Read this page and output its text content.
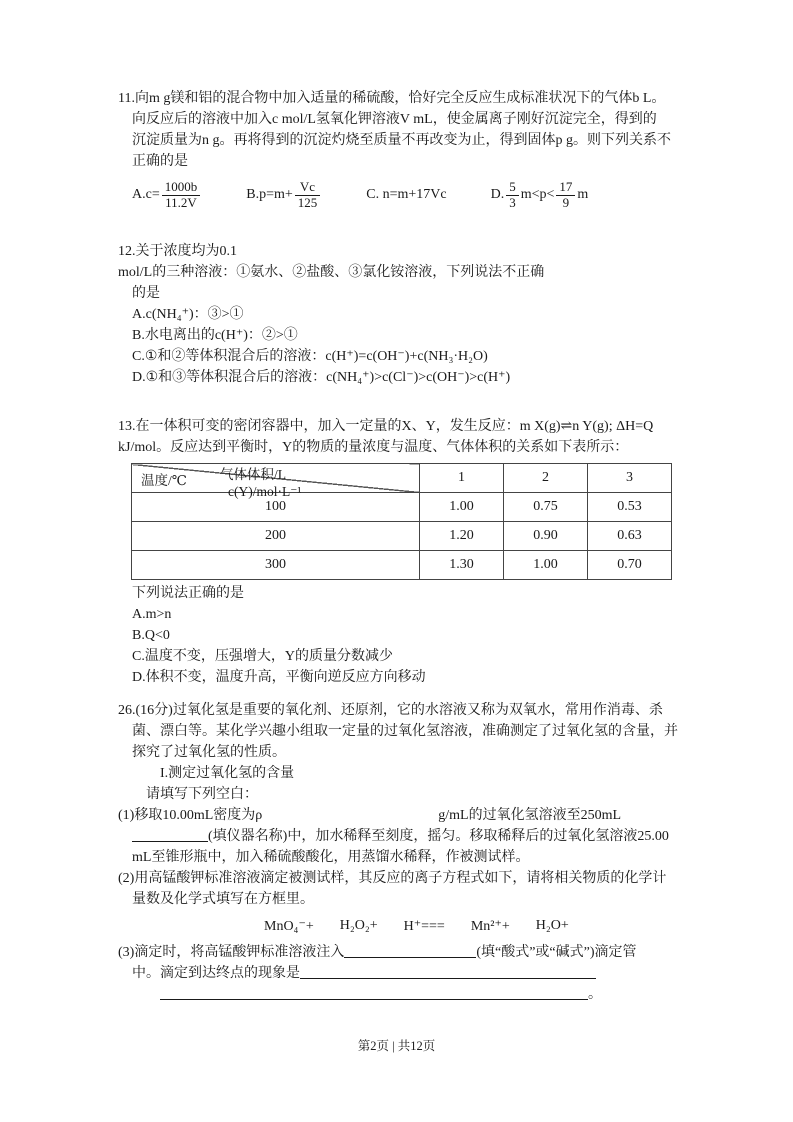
11.向m g镁和铝的混合物中加入适量的稀硫酸，恰好完全反应生成标准状况下的气体b L。
向反应后的溶液中加入c mol/L氢氧化钾溶液V mL，使金属离子刚好沉淀完全，得到的
沉淀质量为n g。再将得到的沉淀灼烧至质量不再改变为止，得到固体p g。则下列关系不
正确的是
$A.c= \frac{1000b}{11.2V}$	$B.p=m+ \frac{Vc}{125}$	C. n=m+17Vc	D. $\frac{5}{3} m<p< \frac{17}{9}$ m
12.关于浓度均为0.1
mol/L的三种溶液：①氨水、②盐酸、③氯化铵溶液，下列说法不正确
的是
A.c(NH₄⁺)：③>①
B.水电离出的c(H⁺)：②>①
C.①和②等体积混合后的溶液：c(H⁺)=c(OH⁻)+c(NH₃·H₂O)
D.①和③等体积混合后的溶液：c(NH₄⁺)>c(Cl⁻)>c(OH⁻)>c(H⁺)
13.在一体积可变的密闭容器中，加入一定量的X、Y，发生反应：m X(g)⇌n Y(g); ΔH=Q
kJ/mol。反应达到平衡时，Y的物质的量浓度与温度、气体体积的关系如下表所示：
气体体积/L
c(Y)/mol·L⁻¹
温度/℃	1	2	3
100	1.00	0.75	0.53
200	1.20	0.90	0.63
300	1.30	1.00	0.70
下列说法正确的是
A.m>n
B.Q<0
C.温度不变，压强增大，Y的质量分数减少
D.体积不变，温度升高，平衡向逆反应方向移动
26.(16分)过氧化氢是重要的氧化剂、还原剂，它的水溶液又称为双氧水，常用作消毒、杀
菌、漂白等。某化学兴趣小组取一定量的过氧化氢溶液，准确测定了过氧化氢的含量，并
探究了过氧化氢的性质。
I.测定过氧化氢的含量
请填写下列空白：
(1)移取10.00mL密度为ρ	g/mL的过氧化氢溶液至250mL
(填仪器名称)中，加水稀释至刻度，摇匀。移取稀释后的过氧化氢溶液25.00
mL至锥形瓶中，加入稀硫酸酸化，用蒸馏水稀释，作被测试样。
(2)用高锰酸钾标准溶液滴定被测试样，其反应的离子方程式如下，请将相关物质的化学计
量数及化学式填写在方框里。
MnO₄⁻+ H₂O₂+ H⁺=== Mn²⁺+ H₂O+
(3)滴定时，将高锰酸钾标准溶液注入	(填“酸式”或“碱式”)滴定管
中。滴定到达终点的现象是
。
第2页 | 共12页
